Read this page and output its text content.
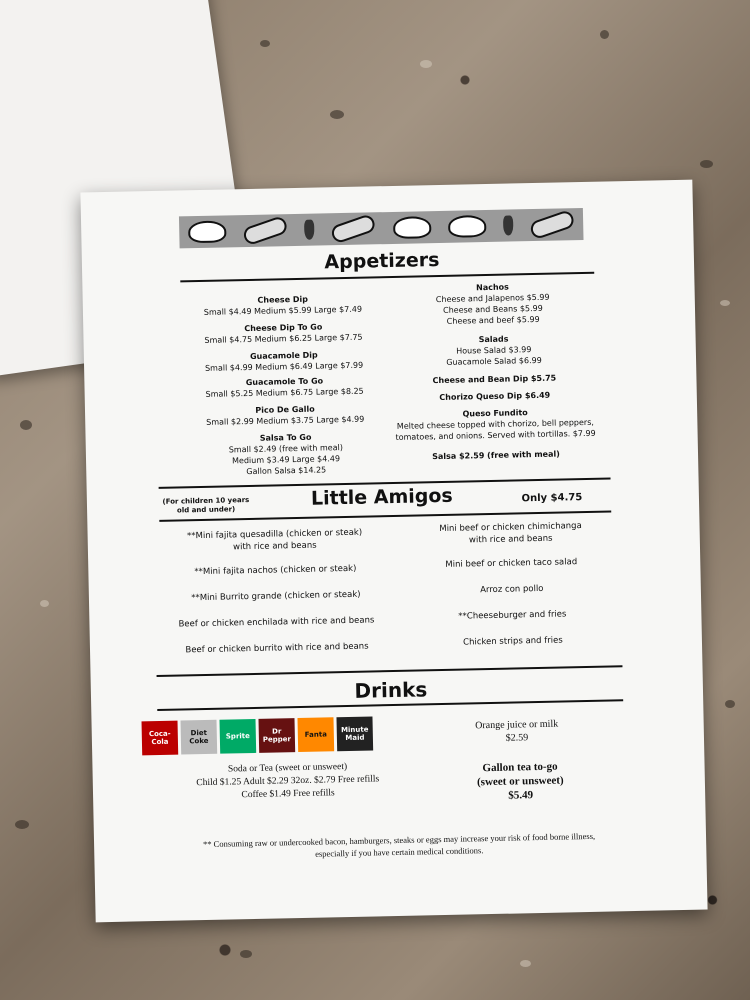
Appetizers
Cheese Dip
Small $4.49 Medium $5.99 Large $7.49
Cheese Dip To Go
Small $4.75 Medium $6.25 Large $7.75
Guacamole Dip
Small $4.99 Medium $6.49 Large $7.99
Guacamole To Go
Small $5.25 Medium $6.75 Large $8.25
Pico De Gallo
Small $2.99 Medium $3.75 Large $4.99
Salsa To Go
Small $2.49 (free with meal)
Medium $3.49 Large $4.49
Gallon Salsa $14.25
Nachos
Cheese and Jalapenos $5.99
Cheese and Beans $5.99
Cheese and beef $5.99
Salads
House Salad $3.99
Guacamole Salad $6.99
Cheese and Bean Dip $5.75
Chorizo Queso Dip $6.49
Queso Fundito
Melted cheese topped with chorizo, bell peppers,
tomatoes, and onions. Served with tortillas. $7.99
Salsa $2.59 (free with meal)
(For children 10 years
old and under)
Little Amigos	Only $4.75
**Mini fajita quesadilla (chicken or steak)
with rice and beans
**Mini fajita nachos (chicken or steak)
**Mini Burrito grande (chicken or steak)
Beef or chicken enchilada with rice and beans
Beef or chicken burrito with rice and beans
Mini beef or chicken chimichanga
with rice and beans
Mini beef or chicken taco salad
Arroz con pollo
**Cheeseburger and fries
Chicken strips and fries
Drinks
Coca-Cola
Diet Coke
Sprite
Dr Pepper
Fanta
Minute Maid
Soda or Tea (sweet or unsweet)
Child $1.25 Adult $2.29 32oz. $2.79 Free refills
Coffee $1.49 Free refills
Orange juice or milk
$2.59
Gallon tea to-go
(sweet or unsweet)
$5.49
** Consuming raw or undercooked bacon, hamburgers, steaks or eggs may increase your risk of food borne illness,
especially if you have certain medical conditions.
